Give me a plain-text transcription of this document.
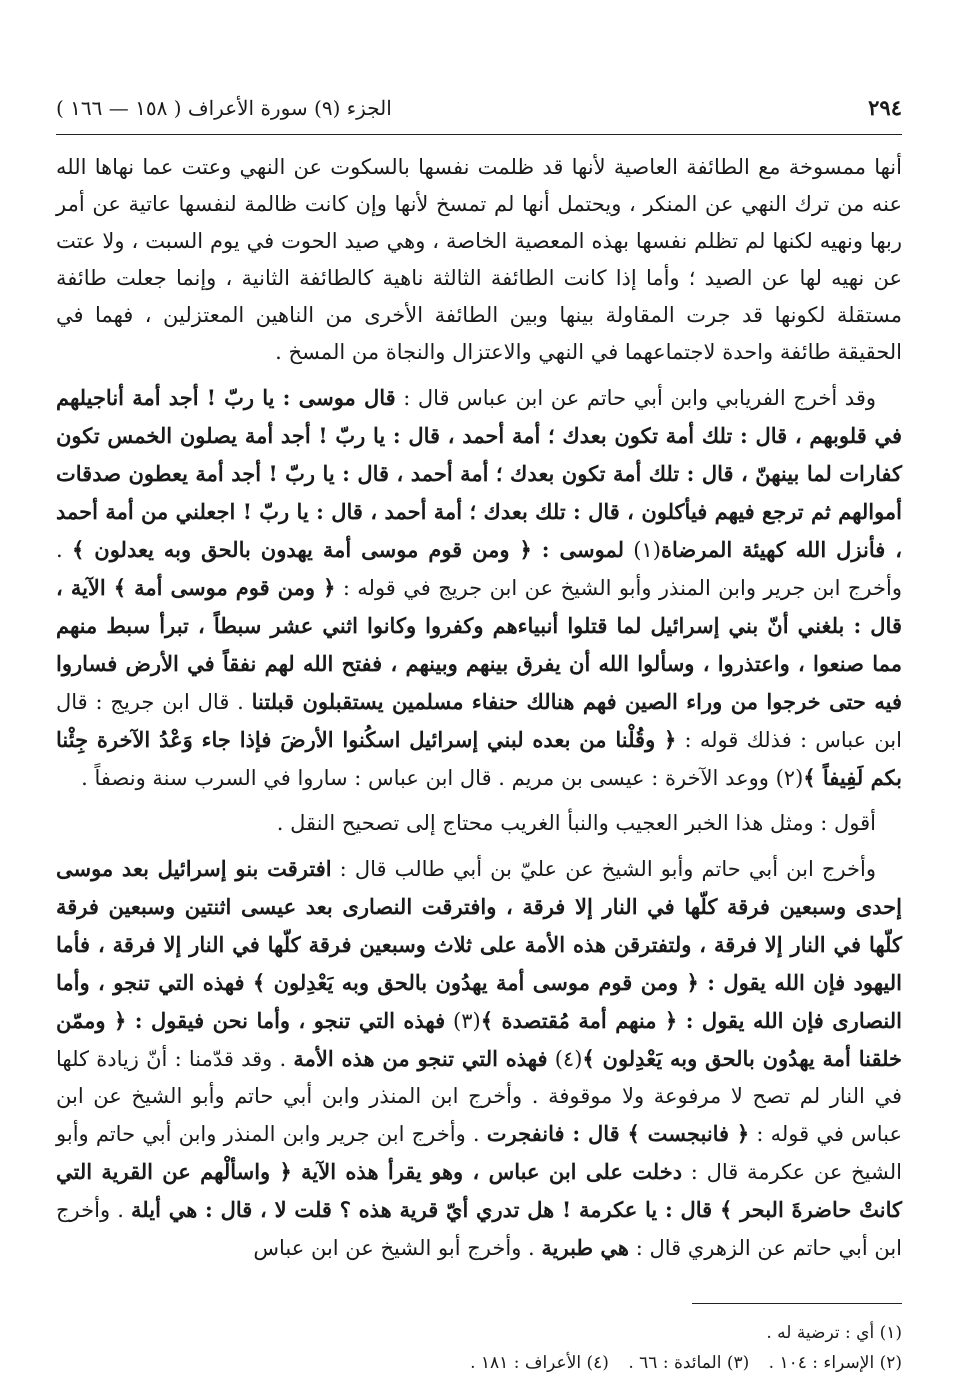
٢٩٤
الجزء (٩) سورة الأعراف ( ١٥٨ — ١٦٦ )

أنها ممسوخة مع الطائفة العاصية لأنها قد ظلمت نفسها بالسكوت عن النهي وعتت عما نهاها الله عنه من ترك النهي عن المنكر ، ويحتمل أنها لم تمسخ لأنها وإن كانت ظالمة لنفسها عاتية عن أمر ربها ونهيه لكنها لم تظلم نفسها بهذه المعصية الخاصة ، وهي صيد الحوت في يوم السبت ، ولا عتت عن نهيه لها عن الصيد ؛ وأما إذا كانت الطائفة الثالثة ناهية كالطائفة الثانية ، وإنما جعلت طائفة مستقلة لكونها قد جرت المقاولة بينها وبين الطائفة الأخرى من الناهين المعتزلين ، فهما في الحقيقة طائفة واحدة لاجتماعهما في النهي والاعتزال والنجاة من المسخ .

وقد أخرج الفريابي وابن أبي حاتم عن ابن عباس قال : قال موسى : يا ربّ ! أجد أمة أناجيلهم في قلوبهم ، قال : تلك أمة تكون بعدك ؛ أمة أحمد ، قال : يا ربّ ! أجد أمة يصلون الخمس تكون كفارات لما بينهنّ ، قال : تلك أمة تكون بعدك ؛ أمة أحمد ، قال : يا ربّ ! أجد أمة يعطون صدقات أموالهم ثم ترجع فيهم فيأكلون ، قال : تلك بعدك ؛ أمة أحمد ، قال : يا ربّ ! اجعلني من أمة أحمد ، فأنزل الله كهيئة المرضاة(١) لموسى : ﴿ ومن قوم موسى أمة يهدون بالحق وبه يعدلون ﴾ . وأخرج ابن جرير وابن المنذر وأبو الشيخ عن ابن جريج في قوله : ﴿ ومن قوم موسى أمة ﴾ الآية ، قال : بلغني أنّ بني إسرائيل لما قتلوا أنبياءهم وكفروا وكانوا اثني عشر سبطاً ، تبرأ سبط منهم مما صنعوا ، واعتذروا ، وسألوا الله أن يفرق بينهم وبينهم ، ففتح الله لهم نفقاً في الأرض فساروا فيه حتى خرجوا من وراء الصين فهم هنالك حنفاء مسلمين يستقبلون قبلتنا . قال ابن جريج : قال ابن عباس : فذلك قوله : ﴿ وقُلْنا من بعده لبني إسرائيل اسكُنوا الأرضَ فإذا جاء وَعْدُ الآخرة جِئْنا بكم لَفِيفاً ﴾(٢) ووعد الآخرة : عيسى بن مريم . قال ابن عباس : ساروا في السرب سنة ونصفاً .

أقول : ومثل هذا الخبر العجيب والنبأ الغريب محتاج إلى تصحيح النقل .

وأخرج ابن أبي حاتم وأبو الشيخ عن عليّ بن أبي طالب قال : افترقت بنو إسرائيل بعد موسى إحدى وسبعين فرقة كلّها في النار إلا فرقة ، وافترقت النصارى بعد عيسى اثنتين وسبعين فرقة كلّها في النار إلا فرقة ، ولتفترقن هذه الأمة على ثلاث وسبعين فرقة كلّها في النار إلا فرقة ، فأما اليهود فإن الله يقول : ﴿ ومن قوم موسى أمة يهدُون بالحق وبه يَعْدِلون ﴾ فهذه التي تنجو ، وأما النصارى فإن الله يقول : ﴿ منهم أمة مُقتصدة ﴾(٣) فهذه التي تنجو ، وأما نحن فيقول : ﴿ وممّن خلقنا أمة يهدُون بالحق وبه يَعْدِلون ﴾(٤) فهذه التي تنجو من هذه الأمة . وقد قدّمنا : أنّ زيادة كلها في النار لم تصح لا مرفوعة ولا موقوفة . وأخرج ابن المنذر وابن أبي حاتم وأبو الشيخ عن ابن عباس في قوله : ﴿ فانبجست ﴾ قال : فانفجرت . وأخرج ابن جرير وابن المنذر وابن أبي حاتم وأبو الشيخ عن عكرمة قال : دخلت على ابن عباس ، وهو يقرأ هذه الآية ﴿ واسألْهم عن القرية التي كانتْ حاضرةَ البحر ﴾ قال : يا عكرمة ! هل تدري أيّ قرية هذه ؟ قلت لا ، قال : هي أيلة . وأخرج ابن أبي حاتم عن الزهري قال : هي طبرية . وأخرج أبو الشيخ عن ابن عباس

(١) أي : ترضية له .

(٢) الإسراء : ١٠٤ . (٣) المائدة : ٦٦ . (٤) الأعراف : ١٨١ .
